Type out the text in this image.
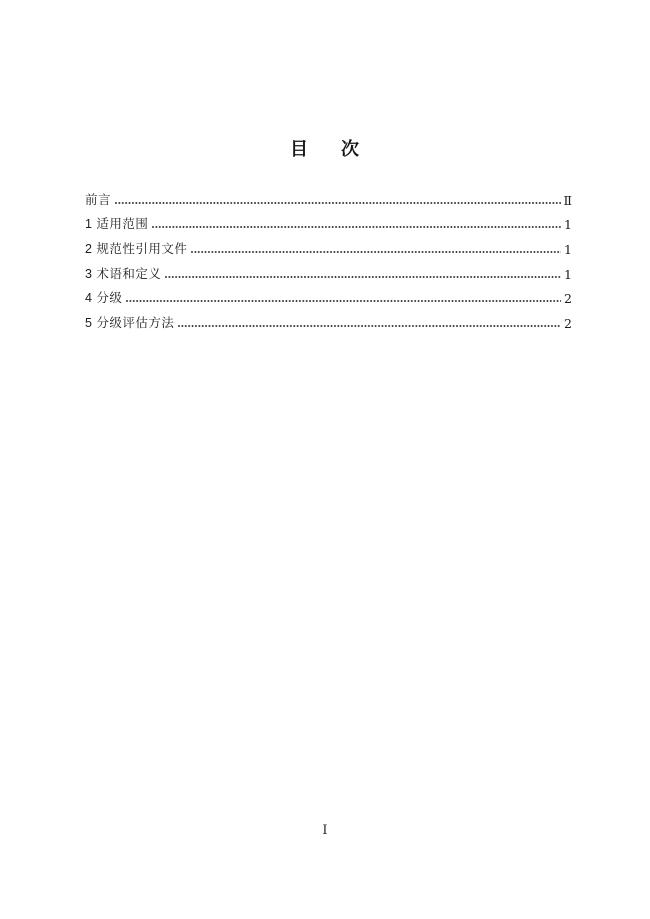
目 次
前言	Ⅱ
1 适用范围	1
2 规范性引用文件	1
3 术语和定义	1
4 分级	2
5 分级评估方法	2
Ⅰ
